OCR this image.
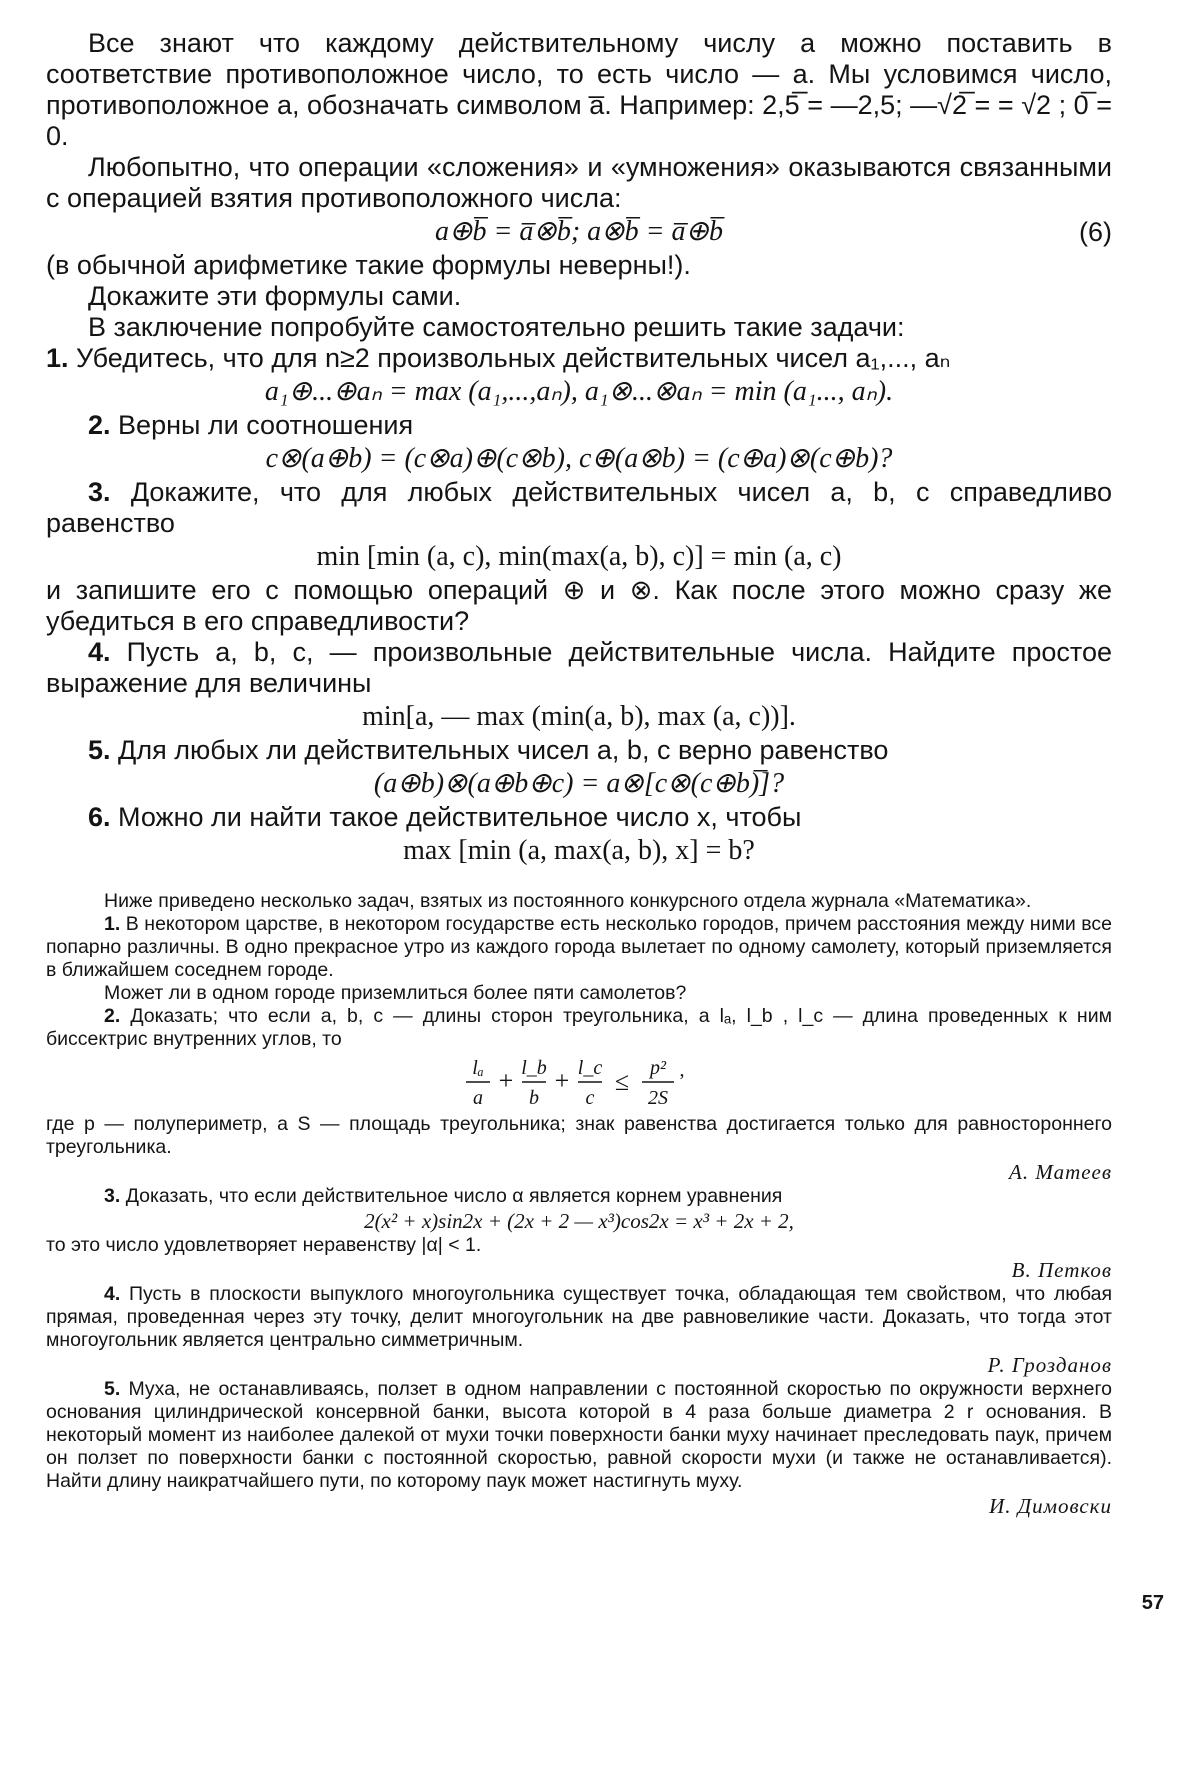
Все знают что каждому действительному числу a можно поставить в соответствие противоположное число, то есть число — a. Мы условимся число, противоположное a, обозначать символом a̅. Например: 2,5̅ = —2,5; —√2̅ = = √2 ; 0̅ = 0.

Любопытно, что операции «сложения» и «умножения» оказываются связанными с операцией взятия противоположного числа:

a⊕b̅ = a̅⊗b̅; a⊗b̅ = a̅⊕b̅	(6)

(в обычной арифметике такие формулы неверны!).

Докажите эти формулы сами.

В заключение попробуйте самостоятельно решить такие задачи:

1. Убедитесь, что для n≥2 произвольных действительных чисел a₁,..., aₙ

a₁⊕...⊕aₙ = max (a₁,...,aₙ), a₁⊗...⊗aₙ = min (a₁..., aₙ).

2. Верны ли соотношения

c⊗(a⊕b) = (c⊗a)⊕(c⊗b), c⊕(a⊗b) = (c⊕a)⊗(c⊕b)?

3. Докажите, что для любых действительных чисел a, b, c справедливо равенство

min [min (a, c), min(max(a, b), c)] = min (a, c)

и запишите его с помощью операций ⊕ и ⊗. Как после этого можно сразу же убедиться в его справедливости?

4. Пусть a, b, c, — произвольные действительные числа. Найдите простое выражение для величины

min[a, — max (min(a, b), max (a, c))].

5. Для любых ли действительных чисел a, b, c верно равенство

(a⊕b)⊗(a⊕b⊕c) = a⊗[c⊗(c⊕b)̅]?

6. Можно ли найти такое действительное число x, чтобы

max [min (a, max(a, b), x] = b?

Ниже приведено несколько задач, взятых из постоянного конкурсного отдела журнала «Математика».

1. В некотором царстве, в некотором государстве есть несколько городов, причем расстояния между ними все попарно различны. В одно прекрасное утро из каждого города вылетает по одному самолету, который приземляется в ближайшем соседнем городе.

Может ли в одном городе приземлиться более пяти самолетов?

2. Доказать; что если a, b, c — длины сторон треугольника, а lₐ, l_b , l_c — длина проведенных к ним биссектрис внутренних углов, то

lₐ
a
+ l_b
b
+ l_c
c
≤ p²
2S
,

где p — полупериметр, а S — площадь треугольника; знак равенства достигается только для равностороннего треугольника.

А. Матеев

3. Доказать, что если действительное число α является корнем уравнения

2(x² + x)sin2x + (2x + 2 — x³)cos2x = x³ + 2x + 2,

то это число удовлетворяет неравенству |α| < 1.

В. Петков

4. Пусть в плоскости выпуклого многоугольника существует точка, обладающая тем свойством, что любая прямая, проведенная через эту точку, делит многоугольник на две равновеликие части. Доказать, что тогда этот многоугольник является центрально симметричным.

Р. Грозданов

5. Муха, не останавливаясь, ползет в одном направлении с постоянной скоростью по окружности верхнего основания цилиндрической консервной банки, высота которой в 4 раза больше диаметра 2 r основания. В некоторый момент из наиболее далекой от мухи точки поверхности банки муху начинает преследовать паук, причем он ползет по поверхности банки с постоянной скоростью, равной скорости мухи (и также не останавливается). Найти длину наикратчайшего пути, по которому паук может настигнуть муху.

И. Димовски
57
